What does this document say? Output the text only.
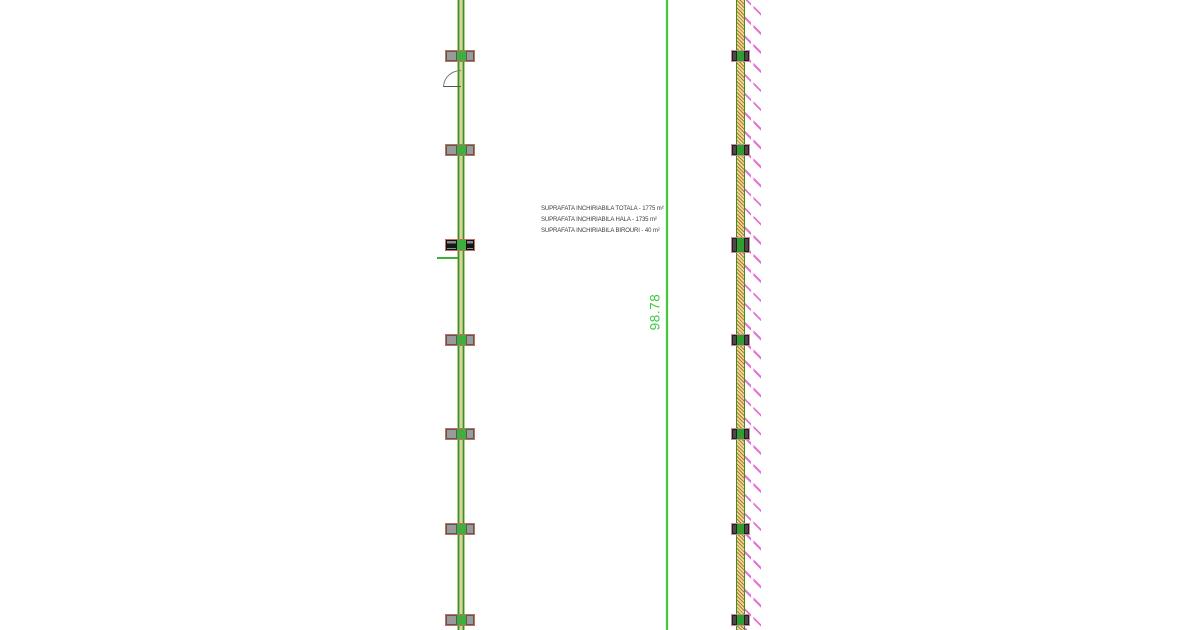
SUPRAFATA INCHIRIABILA TOTALA - 1775 m²
SUPRAFATA INCHIRIABILA HALA - 1735 m²
SUPRAFATA INCHIRIABILA BIROURI - 40 m²
98.78
